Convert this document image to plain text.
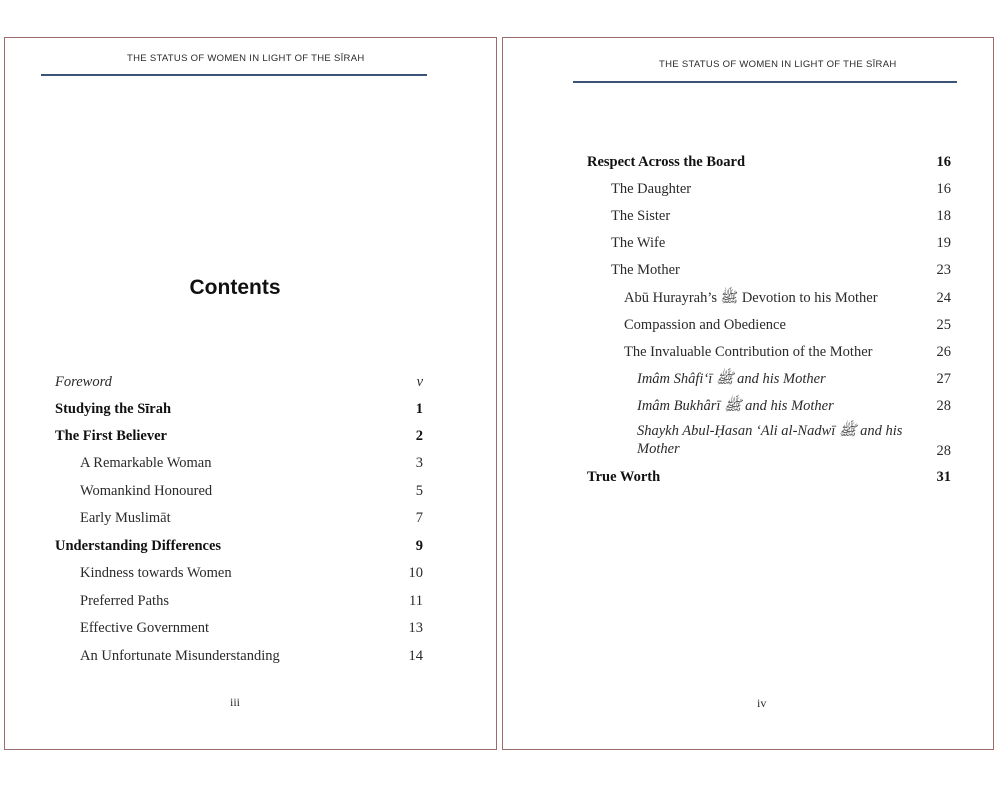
THE STATUS OF WOMEN IN LIGHT OF THE SĪRAH
Contents
Foreword	v
Studying the Sīrah	1
The First Believer	2
A Remarkable Woman	3
Womankind Honoured	5
Early Muslimāt	7
Understanding Differences	9
Kindness towards Women	10
Preferred Paths	11
Effective Government	13
An Unfortunate Misunderstanding	14
iii
THE STATUS OF WOMEN IN LIGHT OF THE SĪRAH
Respect Across the Board	16
The Daughter	16
The Sister	18
The Wife	19
The Mother	23
Abū Hurayrah’s ﷺ Devotion to his Mother	24
Compassion and Obedience	25
The Invaluable Contribution of the Mother	26
Imâm Shâfi‘ī ﷺ and his Mother	27
Imâm Bukhârī ﷺ and his Mother	28
Shaykh Abul-Ḥasan ‘Ali al-Nadwī ﷺ and his Mother	28
True Worth	31
iv
